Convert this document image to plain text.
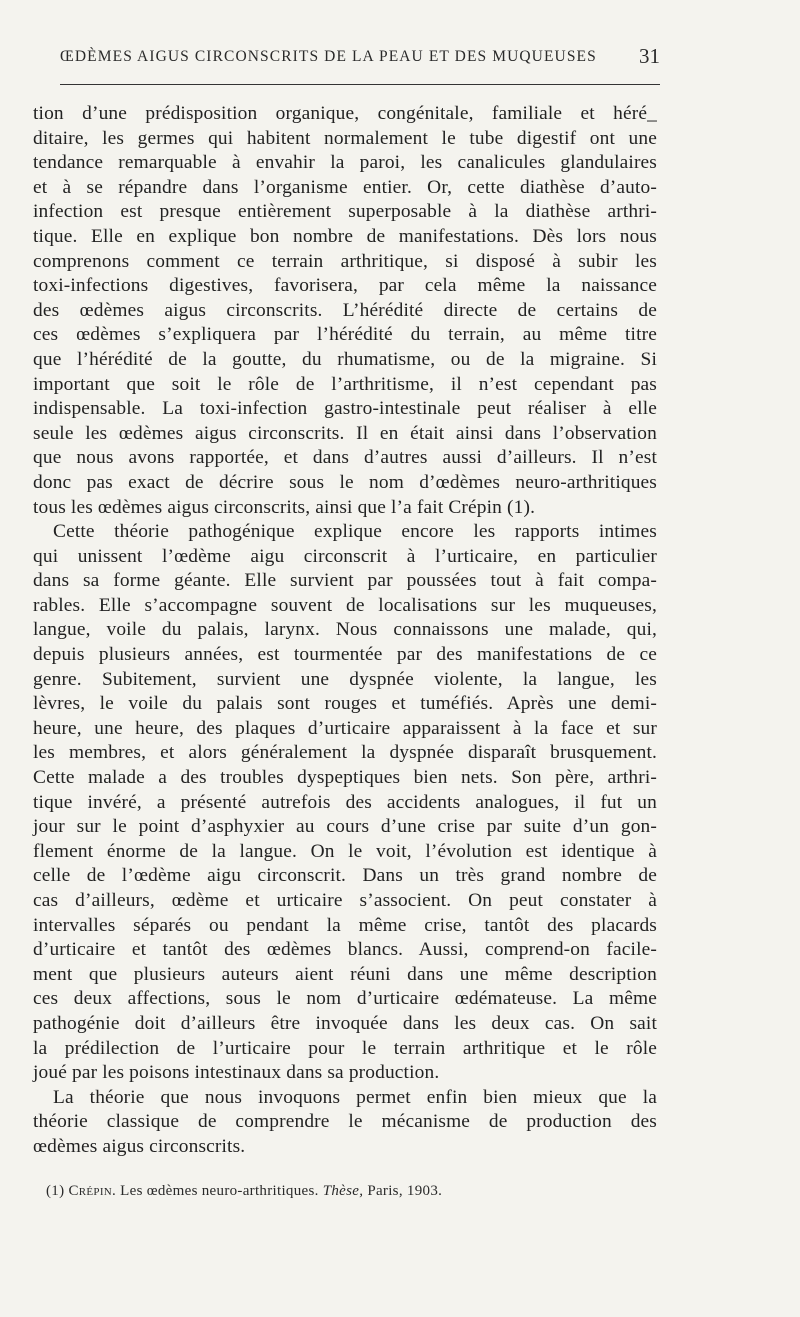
ŒDÈMES AIGUS CIRCONSCRITS DE LA PEAU ET DES MUQUEUSES	31
tion d’une prédisposition organique, congénitale, familiale et héré_
ditaire, les germes qui habitent normalement le tube digestif ont une
tendance remarquable à envahir la paroi, les canalicules glandulaires
et à se répandre dans l’organisme entier. Or, cette diathèse d’auto-
infection est presque entièrement superposable à la diathèse arthri-
tique. Elle en explique bon nombre de manifestations. Dès lors nous
comprenons comment ce terrain arthritique, si disposé à subir les
toxi-infections digestives, favorisera, par cela même la naissance
des œdèmes aigus circonscrits. L’hérédité directe de certains de
ces œdèmes s’expliquera par l’hérédité du terrain, au même titre
que l’hérédité de la goutte, du rhumatisme, ou de la migraine. Si
important que soit le rôle de l’arthritisme, il n’est cependant pas
indispensable. La toxi-infection gastro-intestinale peut réaliser à elle
seule les œdèmes aigus circonscrits. Il en était ainsi dans l’observation
que nous avons rapportée, et dans d’autres aussi d’ailleurs. Il n’est
donc pas exact de décrire sous le nom d’œdèmes neuro-arthritiques
tous les œdèmes aigus circonscrits, ainsi que l’a fait Crépin (1).
Cette théorie pathogénique explique encore les rapports intimes
qui unissent l’œdème aigu circonscrit à l’urticaire, en particulier
dans sa forme géante. Elle survient par poussées tout à fait compa-
rables. Elle s’accompagne souvent de localisations sur les muqueuses,
langue, voile du palais, larynx. Nous connaissons une malade, qui,
depuis plusieurs années, est tourmentée par des manifestations de ce
genre. Subitement, survient une dyspnée violente, la langue, les
lèvres, le voile du palais sont rouges et tuméfiés. Après une demi-
heure, une heure, des plaques d’urticaire apparaissent à la face et sur
les membres, et alors généralement la dyspnée disparaît brusquement.
Cette malade a des troubles dyspeptiques bien nets. Son père, arthri-
tique invéré, a présenté autrefois des accidents analogues, il fut un
jour sur le point d’asphyxier au cours d’une crise par suite d’un gon-
flement énorme de la langue. On le voit, l’évolution est identique à
celle de l’œdème aigu circonscrit. Dans un très grand nombre de
cas d’ailleurs, œdème et urticaire s’associent. On peut constater à
intervalles séparés ou pendant la même crise, tantôt des placards
d’urticaire et tantôt des œdèmes blancs. Aussi, comprend-on facile-
ment que plusieurs auteurs aient réuni dans une même description
ces deux affections, sous le nom d’urticaire œdémateuse. La même
pathogénie doit d’ailleurs être invoquée dans les deux cas. On sait
la prédilection de l’urticaire pour le terrain arthritique et le rôle
joué par les poisons intestinaux dans sa production.
La théorie que nous invoquons permet enfin bien mieux que la
théorie classique de comprendre le mécanisme de production des
œdèmes aigus circonscrits.
(1) Crépin. Les œdèmes neuro-arthritiques. Thèse, Paris, 1903.
